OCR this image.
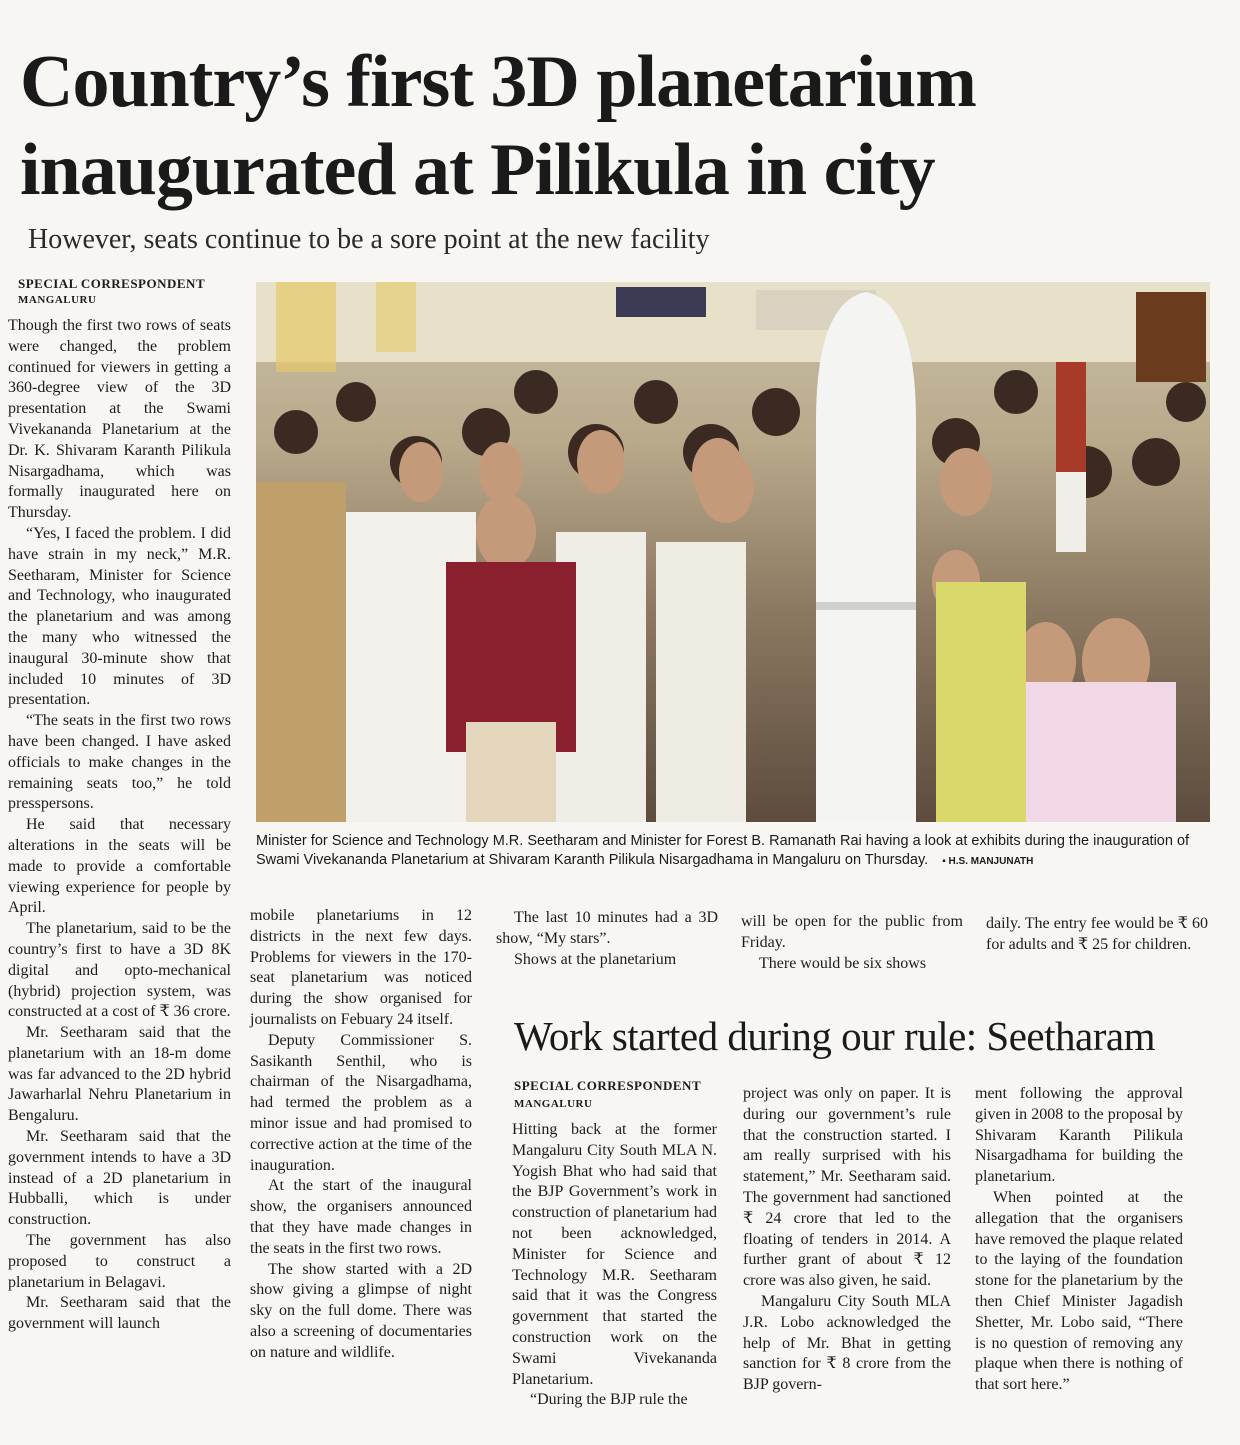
Country’s first 3D planetarium
inaugurated at Pilikula in city
However, seats continue to be a sore point at the new facility
SPECIAL CORRESPONDENT
MANGALURU

Though the first two rows of seats were changed, the problem continued for viewers in getting a 360-degree view of the 3D presentation at the Swami Vivekananda Planetarium at the Dr. K. Shivaram Karanth Pilikula Nisargadhama, which was formally inaugurated here on Thursday.

“Yes, I faced the problem. I did have strain in my neck,” M.R. Seetharam, Minister for Science and Technology, who inaugurated the planetarium and was among the many who witnessed the inaugural 30-minute show that included 10 minutes of 3D presentation.

“The seats in the first two rows have been changed. I have asked officials to make changes in the remaining seats too,” he told presspersons.

He said that necessary alterations in the seats will be made to provide a comfortable viewing experience for people by April.

The planetarium, said to be the country’s first to have a 3D 8K digital and opto-mechanical (hybrid) projection system, was constructed at a cost of ₹ 36 crore.

Mr. Seetharam said that the planetarium with an 18-m dome was far advanced to the 2D hybrid Jawarharlal Nehru Planetarium in Bengaluru.

Mr. Seetharam said that the government intends to have a 3D instead of a 2D planetarium in Hubballi, which is under construction.

The government has also proposed to construct a planetarium in Belagavi.

Mr. Seetharam said that the government will launch

Minister for Science and Technology M.R. Seetharam and Minister for Forest B. Ramanath Rai having a look at exhibits during the inauguration of Swami Vivekananda Planetarium at Shivaram Karanth Pilikula Nisargadhama in Mangaluru on Thursday. ▪ H.S. MANJUNATH

mobile planetariums in 12 districts in the next few days. Problems for viewers in the 170-seat planetarium was noticed during the show organised for journalists on Febuary 24 itself.

Deputy Commissioner S. Sasikanth Senthil, who is chairman of the Nisargadhama, had termed the problem as a minor issue and had promised to corrective action at the time of the inauguration.

At the start of the inaugural show, the organisers announced that they have made changes in the seats in the first two rows.

The show started with a 2D show giving a glimpse of night sky on the full dome. There was also a screening of documentaries on nature and wildlife.

The last 10 minutes had a 3D show, “My stars”.

Shows at the planetarium

will be open for the public from Friday.

There would be six shows

daily. The entry fee would be ₹ 60 for adults and ₹ 25 for children.

Work started during our rule: Seetharam
SPECIAL CORRESPONDENT
MANGALURU

Hitting back at the former Mangaluru City South MLA N. Yogish Bhat who had said that the BJP Government’s work in construction of planetarium had not been acknowledged, Minister for Science and Technology M.R. Seetharam said that it was the Congress government that started the construction work on the Swami Vivekananda Planetarium.

“During the BJP rule the

project was only on paper. It is during our government’s rule that the construction started. I am really surprised with his statement,” Mr. Seetharam said. The government had sanctioned ₹ 24 crore that led to the floating of tenders in 2014. A further grant of about ₹ 12 crore was also given, he said.

Mangaluru City South MLA J.R. Lobo acknowledged the help of Mr. Bhat in getting sanction for ₹ 8 crore from the BJP govern-

ment following the approval given in 2008 to the proposal by Shivaram Karanth Pilikula Nisargadhama for building the planetarium.

When pointed at the allegation that the organisers have removed the plaque related to the laying of the foundation stone for the planetarium by the then Chief Minister Jagadish Shetter, Mr. Lobo said, “There is no question of removing any plaque when there is nothing of that sort here.”
